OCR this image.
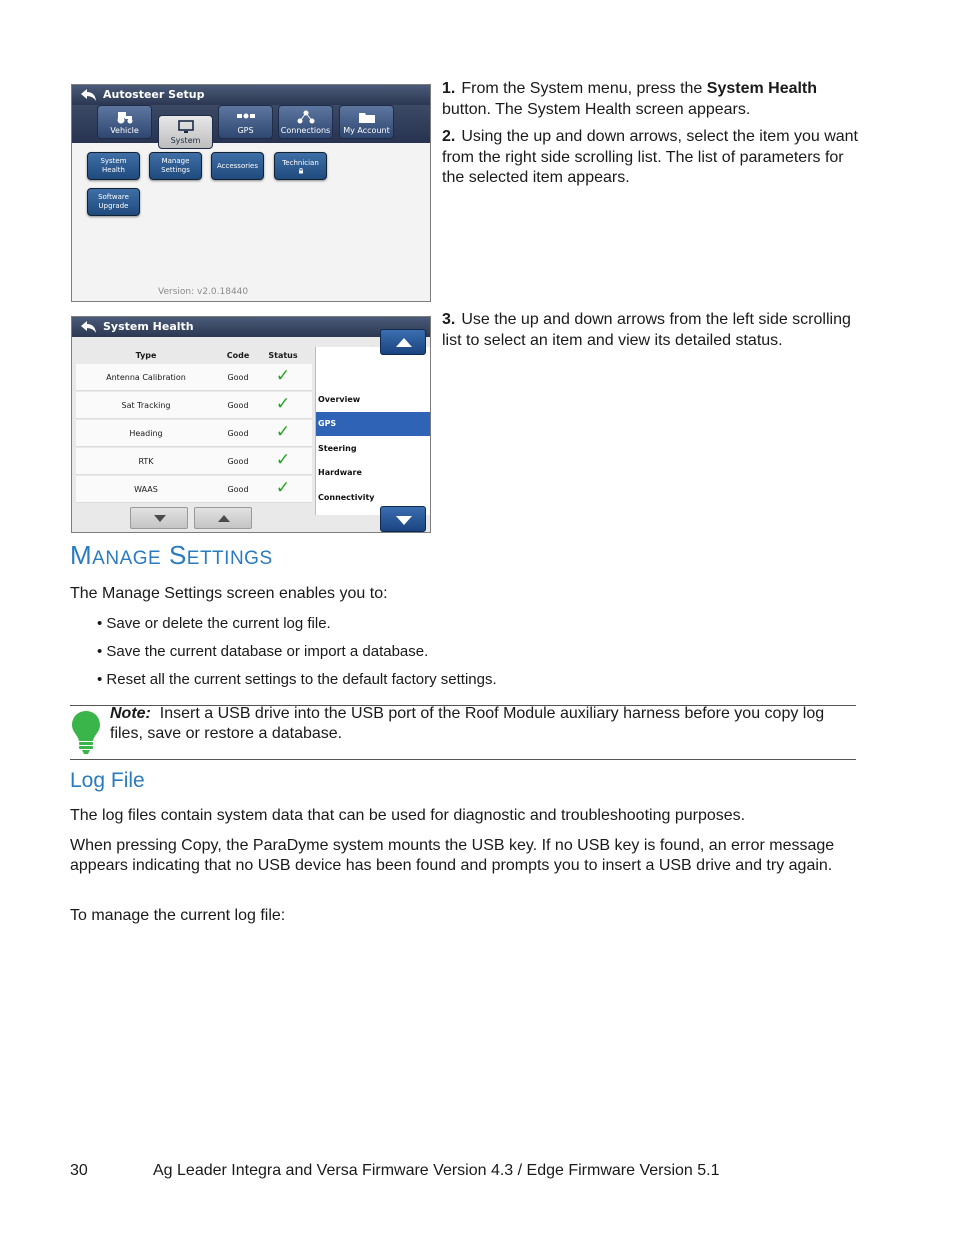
Autosteer Setup
Vehicle
System
GPS	Connections	My Account
System Health
Manage Settings
Accessories	Technician
Software Upgrade
Version: v2.0.18440
System Health
Type	Code	Status
Antenna Calibration	Good	✓
Sat Tracking	Good	✓
Heading	Good	✓
RTK	Good	✓
WAAS	Good	✓
Overview
GPS
Steering
Hardware
Connectivity
1. From the System menu, press the System Health button. The System Health screen appears.
2. Using the up and down arrows, select the item you want from the right side scrolling list. The list of parameters for the selected item appears.
3. Use the up and down arrows from the left side scrolling list to select an item and view its detailed status.
MANAGE SETTINGS
The Manage Settings screen enables you to:
• Save or delete the current log file.
• Save the current database or import a database.
• Reset all the current settings to the default factory settings.
Note: Insert a USB drive into the USB port of the Roof Module auxiliary harness before you copy log files, save or restore a database.
Log File
The log files contain system data that can be used for diagnostic and troubleshooting purposes.
When pressing Copy, the ParaDyme system mounts the USB key. If no USB key is found, an error message appears indicating that no USB device has been found and prompts you to insert a USB drive and try again.
To manage the current log file:
30	Ag Leader Integra and Versa Firmware Version 4.3 / Edge Firmware Version 5.1
